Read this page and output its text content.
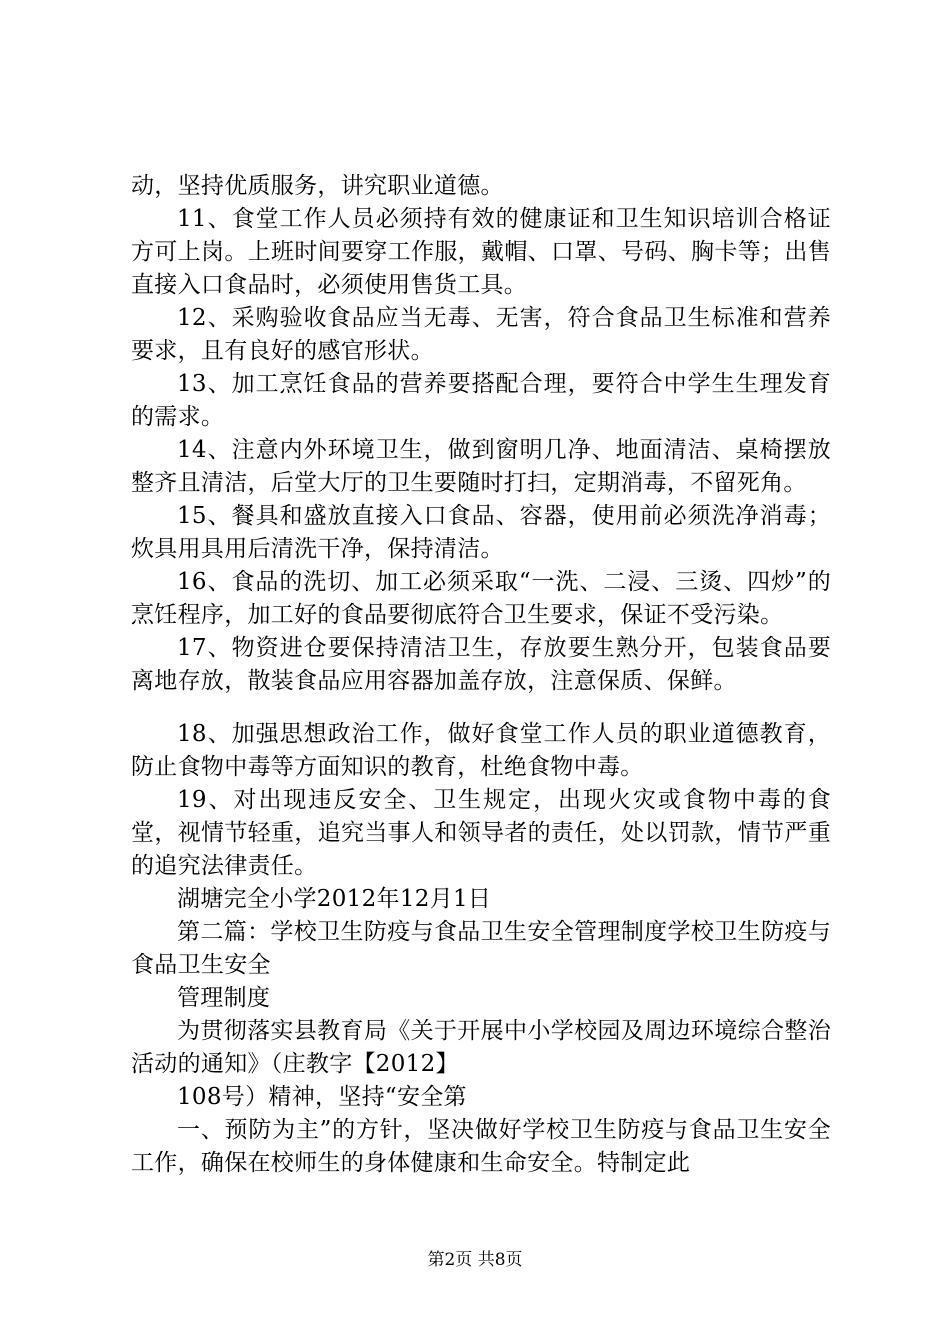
动，坚持优质服务，讲究职业道德。

11、食堂工作人员必须持有效的健康证和卫生知识培训合格证方可上岗。上班时间要穿工作服，戴帽、口罩、号码、胸卡等；出售直接入口食品时，必须使用售货工具。

12、采购验收食品应当无毒、无害，符合食品卫生标准和营养要求，且有良好的感官形状。

13、加工烹饪食品的营养要搭配合理，要符合中学生生理发育的需求。

14、注意内外环境卫生，做到窗明几净、地面清洁、桌椅摆放整齐且清洁，后堂大厅的卫生要随时打扫，定期消毒，不留死角。

15、餐具和盛放直接入口食品、容器，使用前必须洗净消毒；炊具用具用后清洗干净，保持清洁。

16、食品的洗切、加工必须采取“一洗、二浸、三烫、四炒”的烹饪程序，加工好的食品要彻底符合卫生要求，保证不受污染。

17、物资进仓要保持清洁卫生，存放要生熟分开，包装食品要离地存放，散装食品应用容器加盖存放，注意保质、保鲜。

18、加强思想政治工作，做好食堂工作人员的职业道德教育，防止食物中毒等方面知识的教育，杜绝食物中毒。

19、对出现违反安全、卫生规定，出现火灾或食物中毒的食堂，视情节轻重，追究当事人和领导者的责任，处以罚款，情节严重的追究法律责任。

湖塘完全小学2012年12月1日

第二篇：学校卫生防疫与食品卫生安全管理制度学校卫生防疫与食品卫生安全

管理制度

为贯彻落实县教育局《关于开展中小学校园及周边环境综合整治活动的通知》（庄教字【2012】

108号）精神，坚持“安全第

一、预防为主”的方针，坚决做好学校卫生防疫与食品卫生安全工作，确保在校师生的身体健康和生命安全。特制定此

第2页 共8页
